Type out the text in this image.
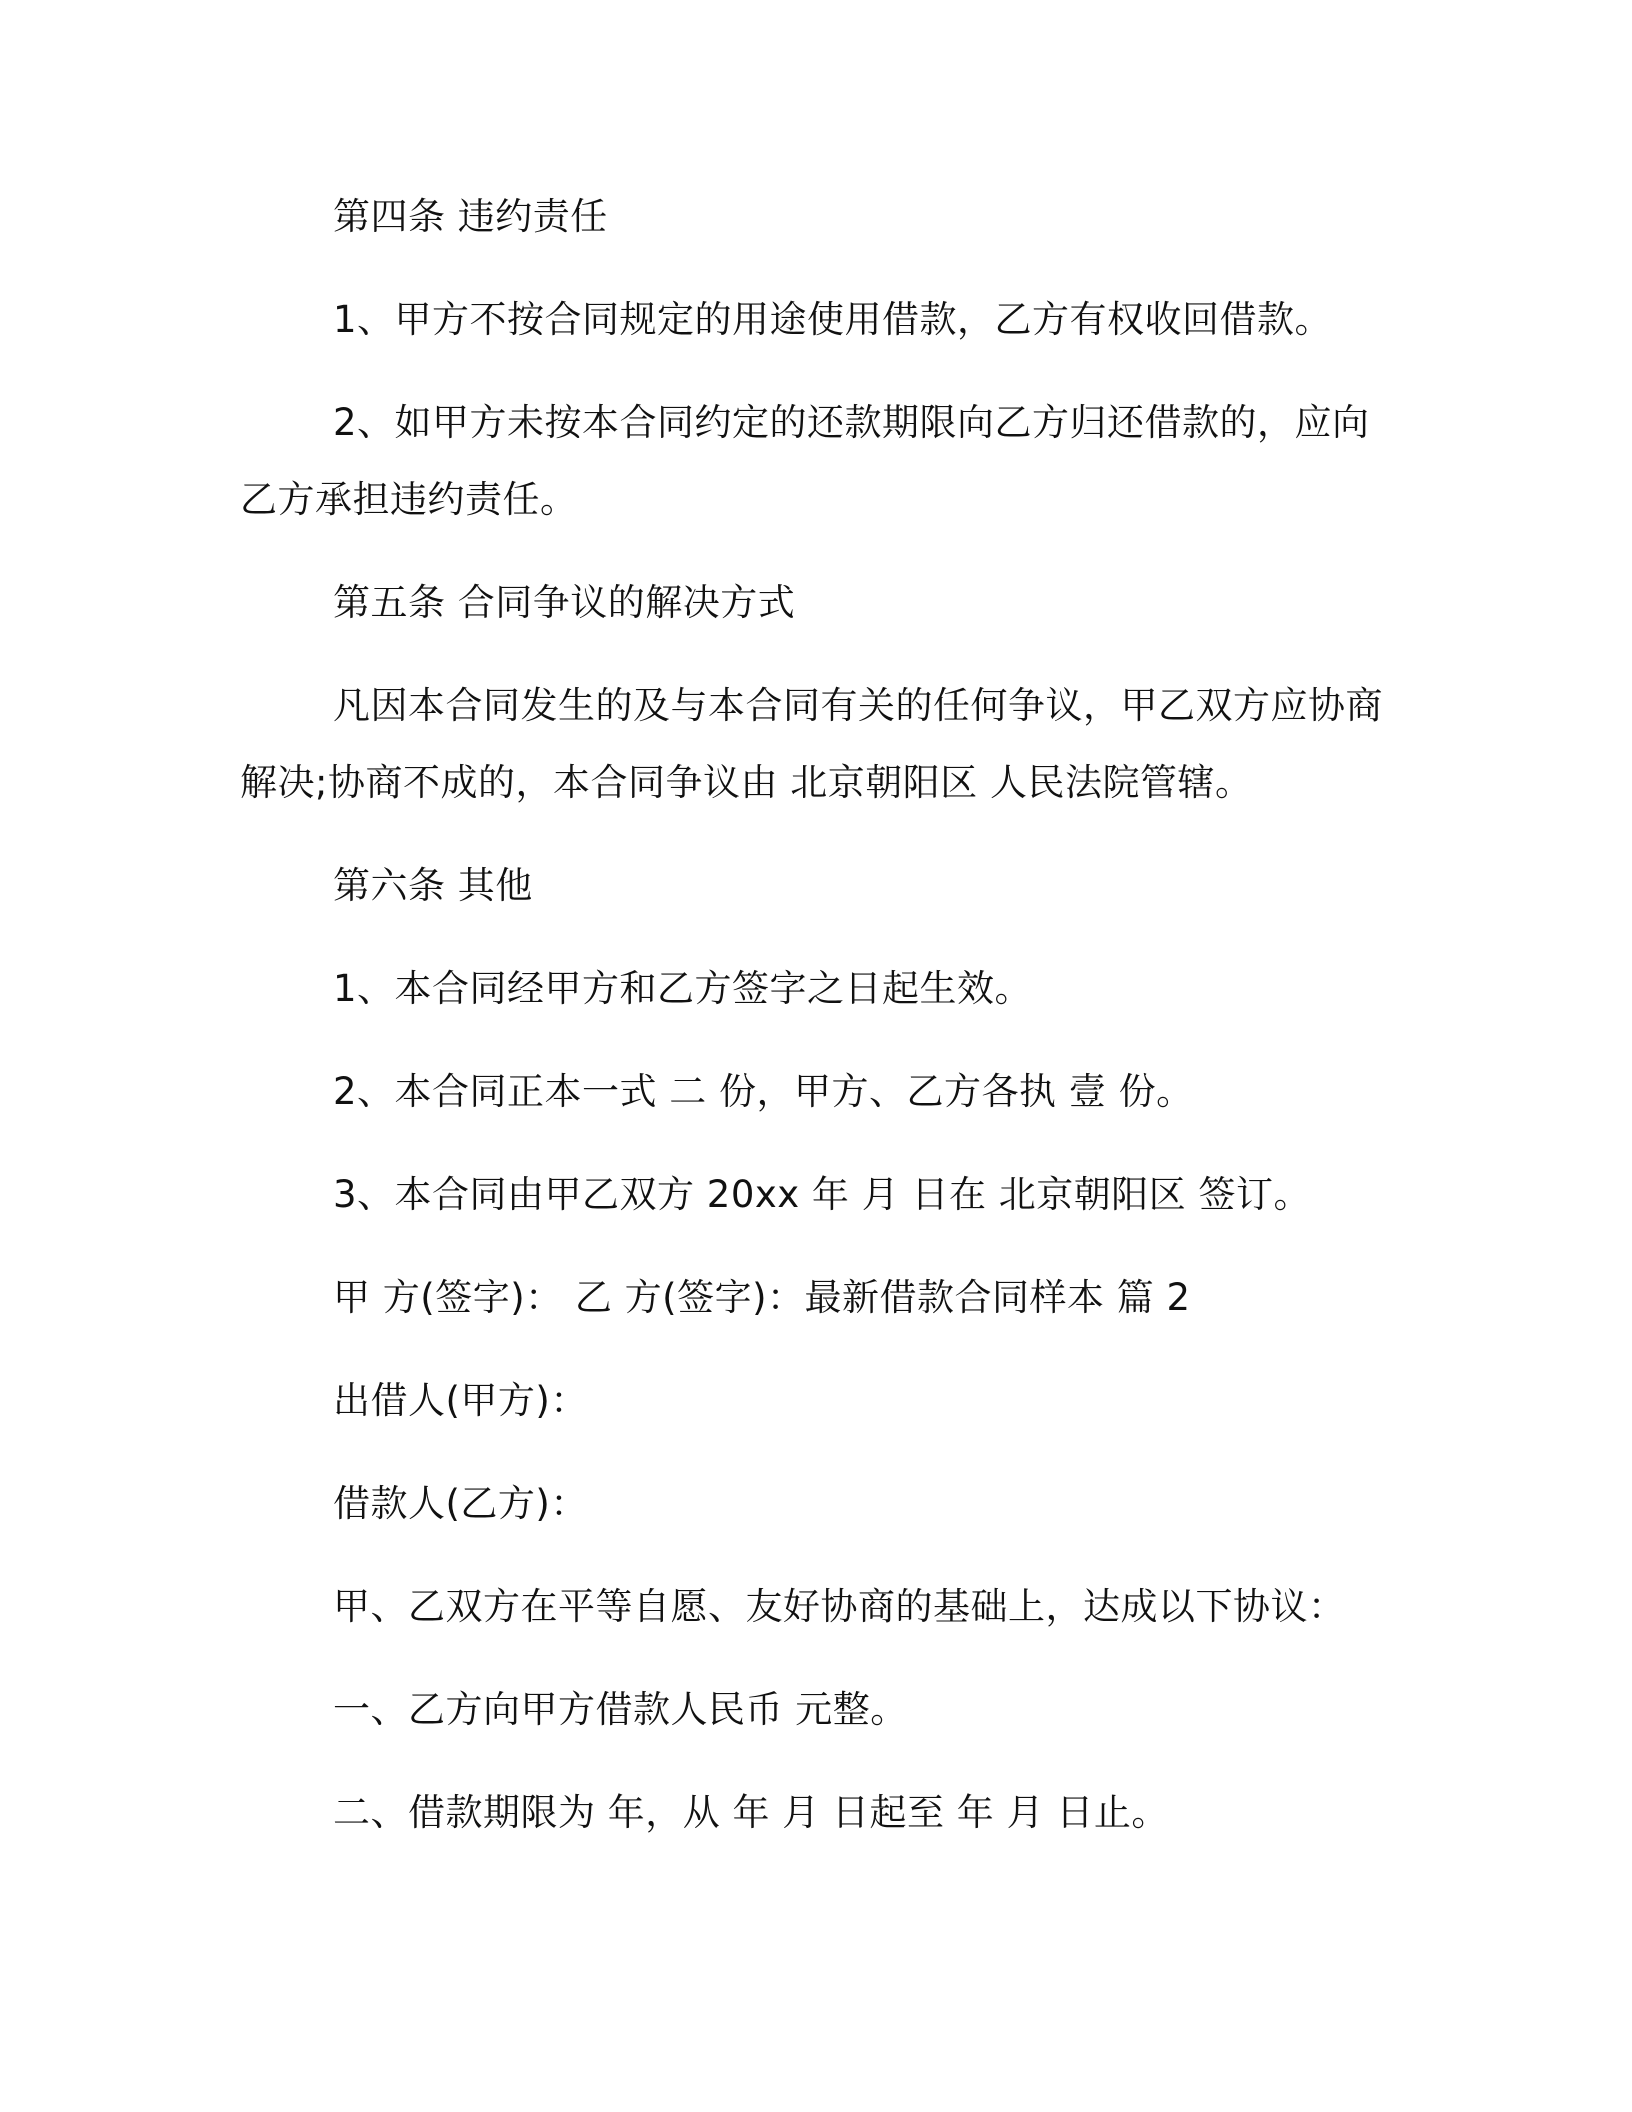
第四条 违约责任
1、甲方不按合同规定的用途使用借款，乙方有权收回借款。
2、如甲方未按本合同约定的还款期限向乙方归还借款的，应向
乙方承担违约责任。
第五条 合同争议的解决方式
凡因本合同发生的及与本合同有关的任何争议，甲乙双方应协商
解决;协商不成的，本合同争议由 北京朝阳区 人民法院管辖。
第六条 其他
1、本合同经甲方和乙方签字之日起生效。
2、本合同正本一式 二 份，甲方、乙方各执 壹 份。
3、本合同由甲乙双方 20xx 年 月 日在 北京朝阳区 签订。
甲 方(签字)： 乙 方(签字)：最新借款合同样本 篇 2
出借人(甲方)：
借款人(乙方)：
甲、乙双方在平等自愿、友好协商的基础上，达成以下协议：
一、乙方向甲方借款人民币 元整。
二、借款期限为 年，从 年 月 日起至 年 月 日止。
